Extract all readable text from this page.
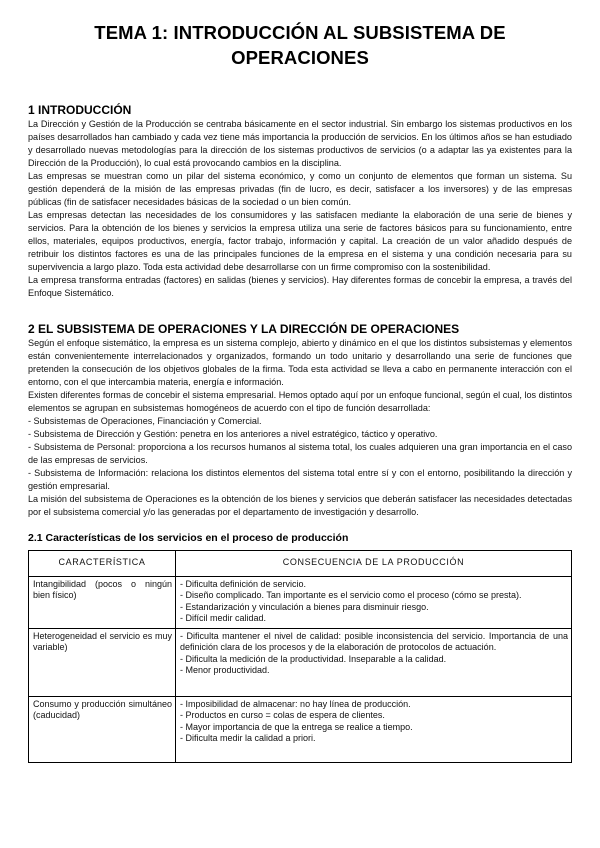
TEMA 1: INTRODUCCIÓN AL SUBSISTEMA DE OPERACIONES
1 INTRODUCCIÓN

La Dirección y Gestión de la Producción se centraba básicamente en el sector industrial. Sin embargo los sistemas productivos en los países desarrollados han cambiado y cada vez tiene más importancia la producción de servicios. En los últimos años se han estudiado y desarrollado nuevas metodologías para la dirección de los sistemas productivos de servicios (o a adaptar las ya existentes para la Dirección de la Producción), lo cual está provocando cambios en la disciplina.

Las empresas se muestran como un pilar del sistema económico, y como un conjunto de elementos que forman un sistema. Su gestión dependerá de la misión de las empresas privadas (fin de lucro, es decir, satisfacer a los inversores) y de las empresas públicas (fin de satisfacer necesidades básicas de la sociedad o un bien común.

Las empresas detectan las necesidades de los consumidores y las satisfacen mediante la elaboración de una serie de bienes y servicios. Para la obtención de los bienes y servicios la empresa utiliza una serie de factores básicos para su funcionamiento, entre ellos, materiales, equipos productivos, energía, factor trabajo, información y capital. La creación de un valor añadido después de retribuir los distintos factores es una de las principales funciones de la empresa en el sistema y una condición necesaria para su supervivencia a largo plazo. Toda esta actividad debe desarrollarse con un firme compromiso con la sostenibilidad.

La empresa transforma entradas (factores) en salidas (bienes y servicios). Hay diferentes formas de concebir la empresa, a través del Enfoque Sistemático.

2 EL SUBSISTEMA DE OPERACIONES Y LA DIRECCIÓN DE OPERACIONES

Según el enfoque sistemático, la empresa es un sistema complejo, abierto y dinámico en el que los distintos subsistemas y elementos están convenientemente interrelacionados y organizados, formando un todo unitario y desarrollando una serie de funciones que pretenden la consecución de los objetivos globales de la firma. Toda esta actividad se lleva a cabo en permanente interacción con el entorno, con el que intercambia materia, energía e información.

Existen diferentes formas de concebir el sistema empresarial. Hemos optado aquí por un enfoque funcional, según el cual, los distintos elementos se agrupan en subsistemas homogéneos de acuerdo con el tipo de función desarrollada:

- Subsistemas de Operaciones, Financiación y Comercial.

- Subsistema de Dirección y Gestión: penetra en los anteriores a nivel estratégico, táctico y operativo.

- Subsistema de Personal: proporciona a los recursos humanos al sistema total, los cuales adquieren una gran importancia en el caso de las empresas de servicios.

- Subsistema de Información: relaciona los distintos elementos del sistema total entre sí y con el entorno, posibilitando la dirección y gestión empresarial.

La misión del subsistema de Operaciones es la obtención de los bienes y servicios que deberán satisfacer las necesidades detectadas por el subsistema comercial y/o las generadas por el departamento de investigación y desarrollo.

2.1 Características de los servicios en el proceso de producción
CARACTERÍSTICA	CONSECUENCIA DE LA PRODUCCIÓN
Intangibilidad (pocos o ningún bien físico)	- Dificulta definición de servicio.
- Diseño complicado. Tan importante es el servicio como el proceso (cómo se presta).
- Estandarización y vinculación a bienes para disminuir riesgo.
- Difícil medir calidad.

Heterogeneidad el servicio es muy variable)	- Dificulta mantener el nivel de calidad: posible inconsistencia del servicio. Importancia de una definición clara de los procesos y de la elaboración de protocolos de actuación.
- Dificulta la medición de la productividad. Inseparable a la calidad.
- Menor productividad.

Consumo y producción simultáneo (caducidad)	- Imposibilidad de almacenar: no hay línea de producción.
- Productos en curso = colas de espera de clientes.
- Mayor importancia de que la entrega se realice a tiempo.
- Dificulta medir la calidad a priori.
